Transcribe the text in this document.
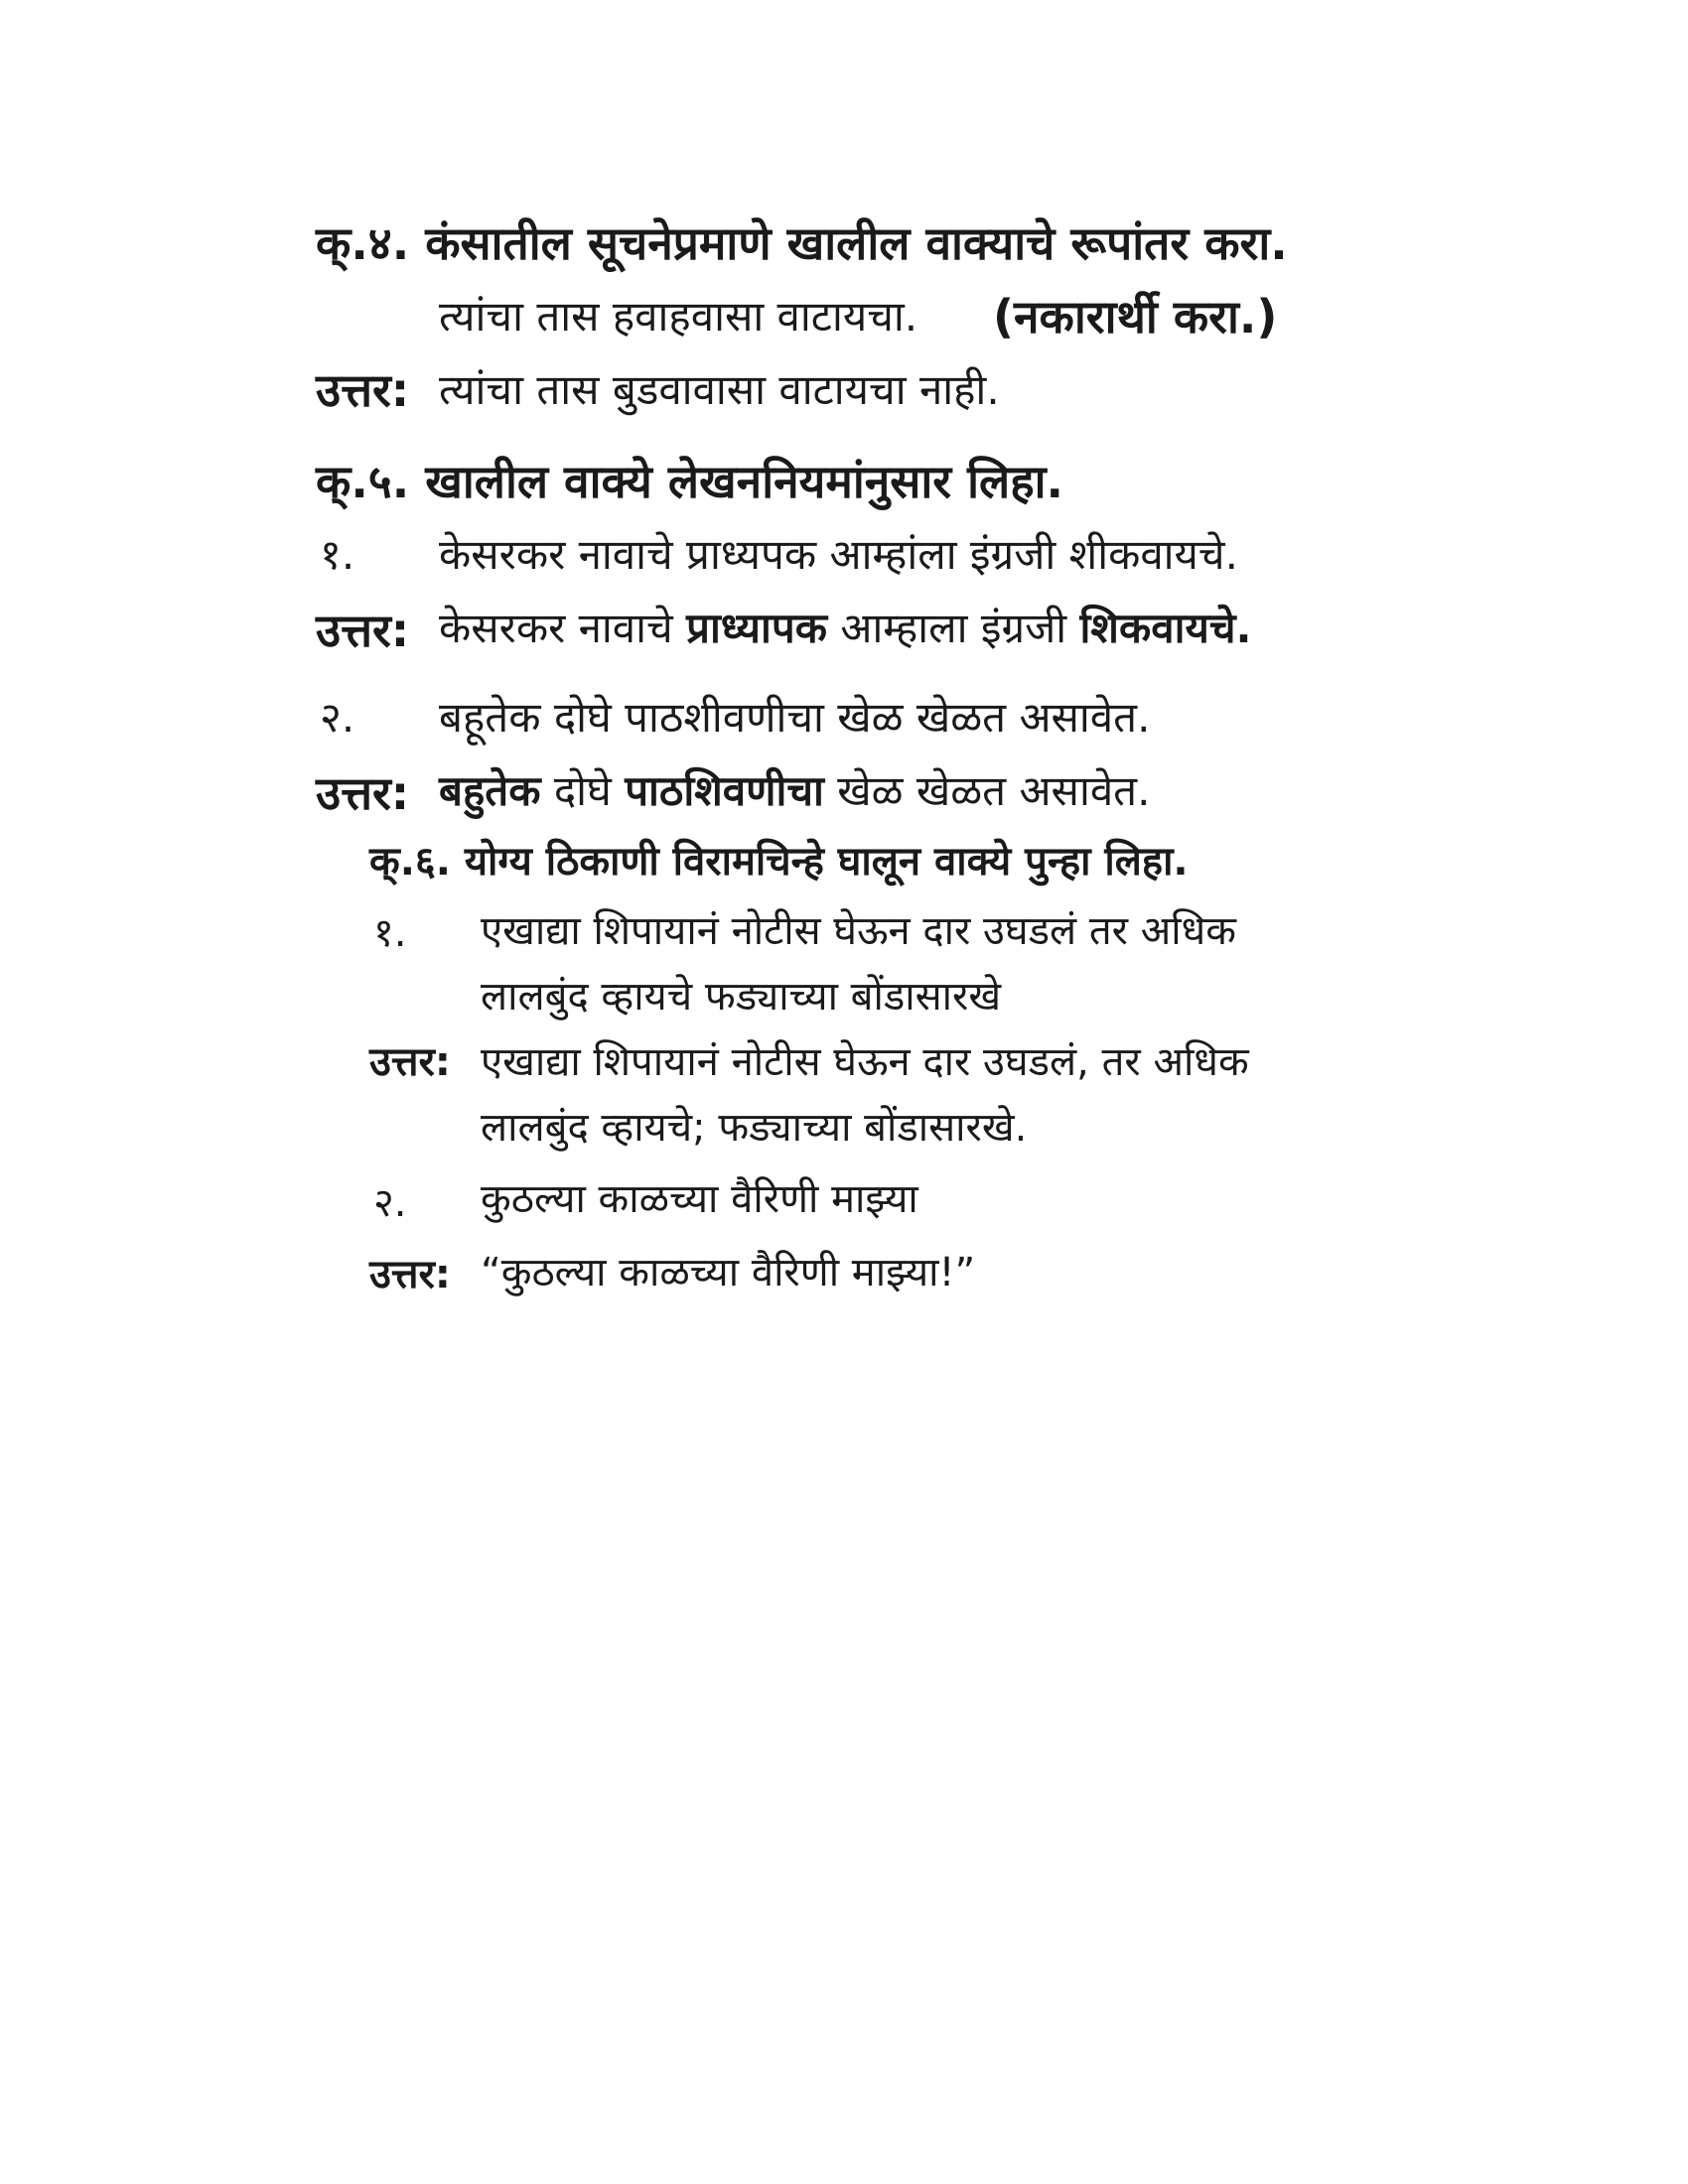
क्.४. कंसातील सूचनेप्रमाणे खालील वाक्याचे रूपांतर करा.
त्यांचा तास हवाहवासा वाटायचा. (नकारार्थी करा.)
उत्तर: त्यांचा तास बुडवावासा वाटायचा नाही.
क्.५. खालील वाक्ये लेखननियमांनुसार लिहा.
१. केसरकर नावाचे प्राध्यपक आम्हांला इंग्रजी शीकवायचे.
उत्तर: केसरकर नावाचे प्राध्यापक आम्हाला इंग्रजी शिकवायचे.
२. बहूतेक दोघे पाठशीवणीचा खेळ खेळत असावेत.
उत्तर: बहुतेक दोघे पाठशिवणीचा खेळ खेळत असावेत.
क्.६. योग्य ठिकाणी विरामचिन्हे घालून वाक्ये पुन्हा लिहा.
१. एखाद्या शिपायानं नोटीस घेऊन दार उघडलं तर अधिक
लालबुंद व्हायचे फड्याच्या बोंडासारखे
उत्तर: एखाद्या शिपायानं नोटीस घेऊन दार उघडलं, तर अधिक
लालबुंद व्हायचे; फड्याच्या बोंडासारखे.
२. कुठल्या काळच्या वैरिणी माझ्या
उत्तर: “कुठल्या काळच्या वैरिणी माझ्या!”
